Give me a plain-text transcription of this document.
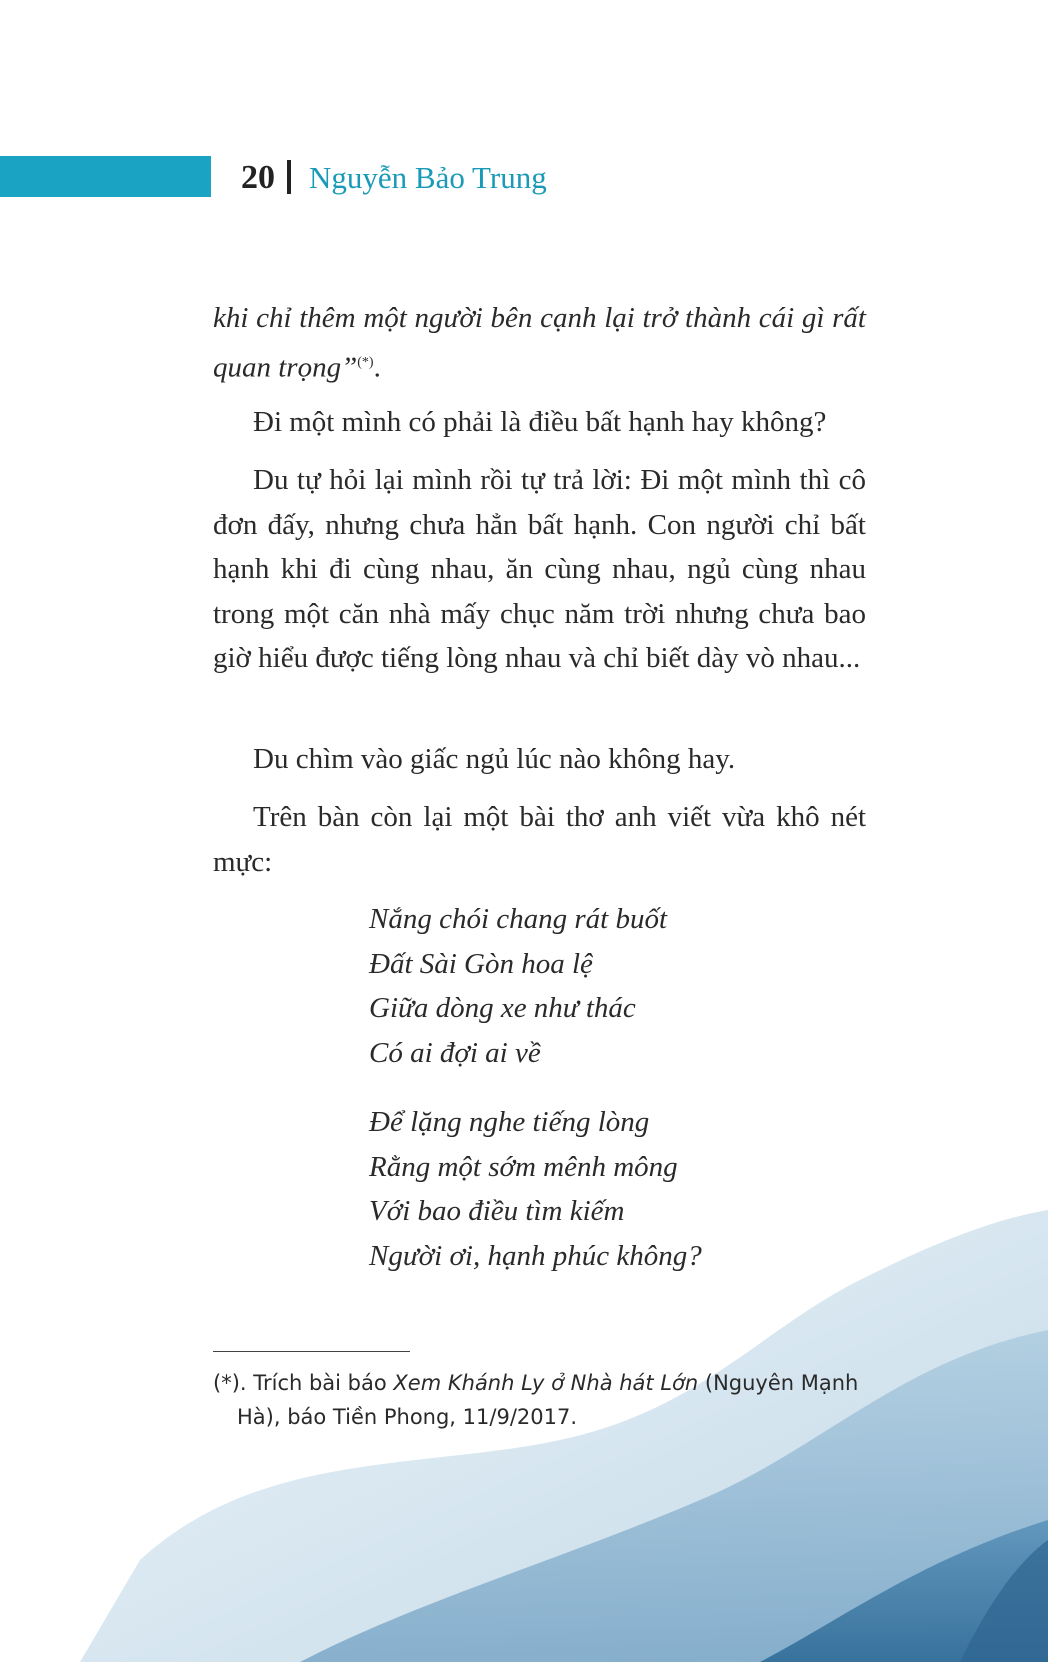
20 Nguyễn Bảo Trung
khi chỉ thêm một người bên cạnh lại trở thành cái gì rất quan trọng”(*).
Đi một mình có phải là điều bất hạnh hay không?
Du tự hỏi lại mình rồi tự trả lời: Đi một mình thì cô đơn đấy, nhưng chưa hẳn bất hạnh. Con người chỉ bất hạnh khi đi cùng nhau, ăn cùng nhau, ngủ cùng nhau trong một căn nhà mấy chục năm trời nhưng chưa bao giờ hiểu được tiếng lòng nhau và chỉ biết dày vò nhau...
Du chìm vào giấc ngủ lúc nào không hay.
Trên bàn còn lại một bài thơ anh viết vừa khô nét mực:
Nắng chói chang rát buốt
Đất Sài Gòn hoa lệ
Giữa dòng xe như thác
Có ai đợi ai về
Để lặng nghe tiếng lòng
Rằng một sớm mênh mông
Với bao điều tìm kiếm
Người ơi, hạnh phúc không?
(*). Trích bài báo Xem Khánh Ly ở Nhà hát Lớn (Nguyên Mạnh Hà), báo Tiền Phong, 11/9/2017.
